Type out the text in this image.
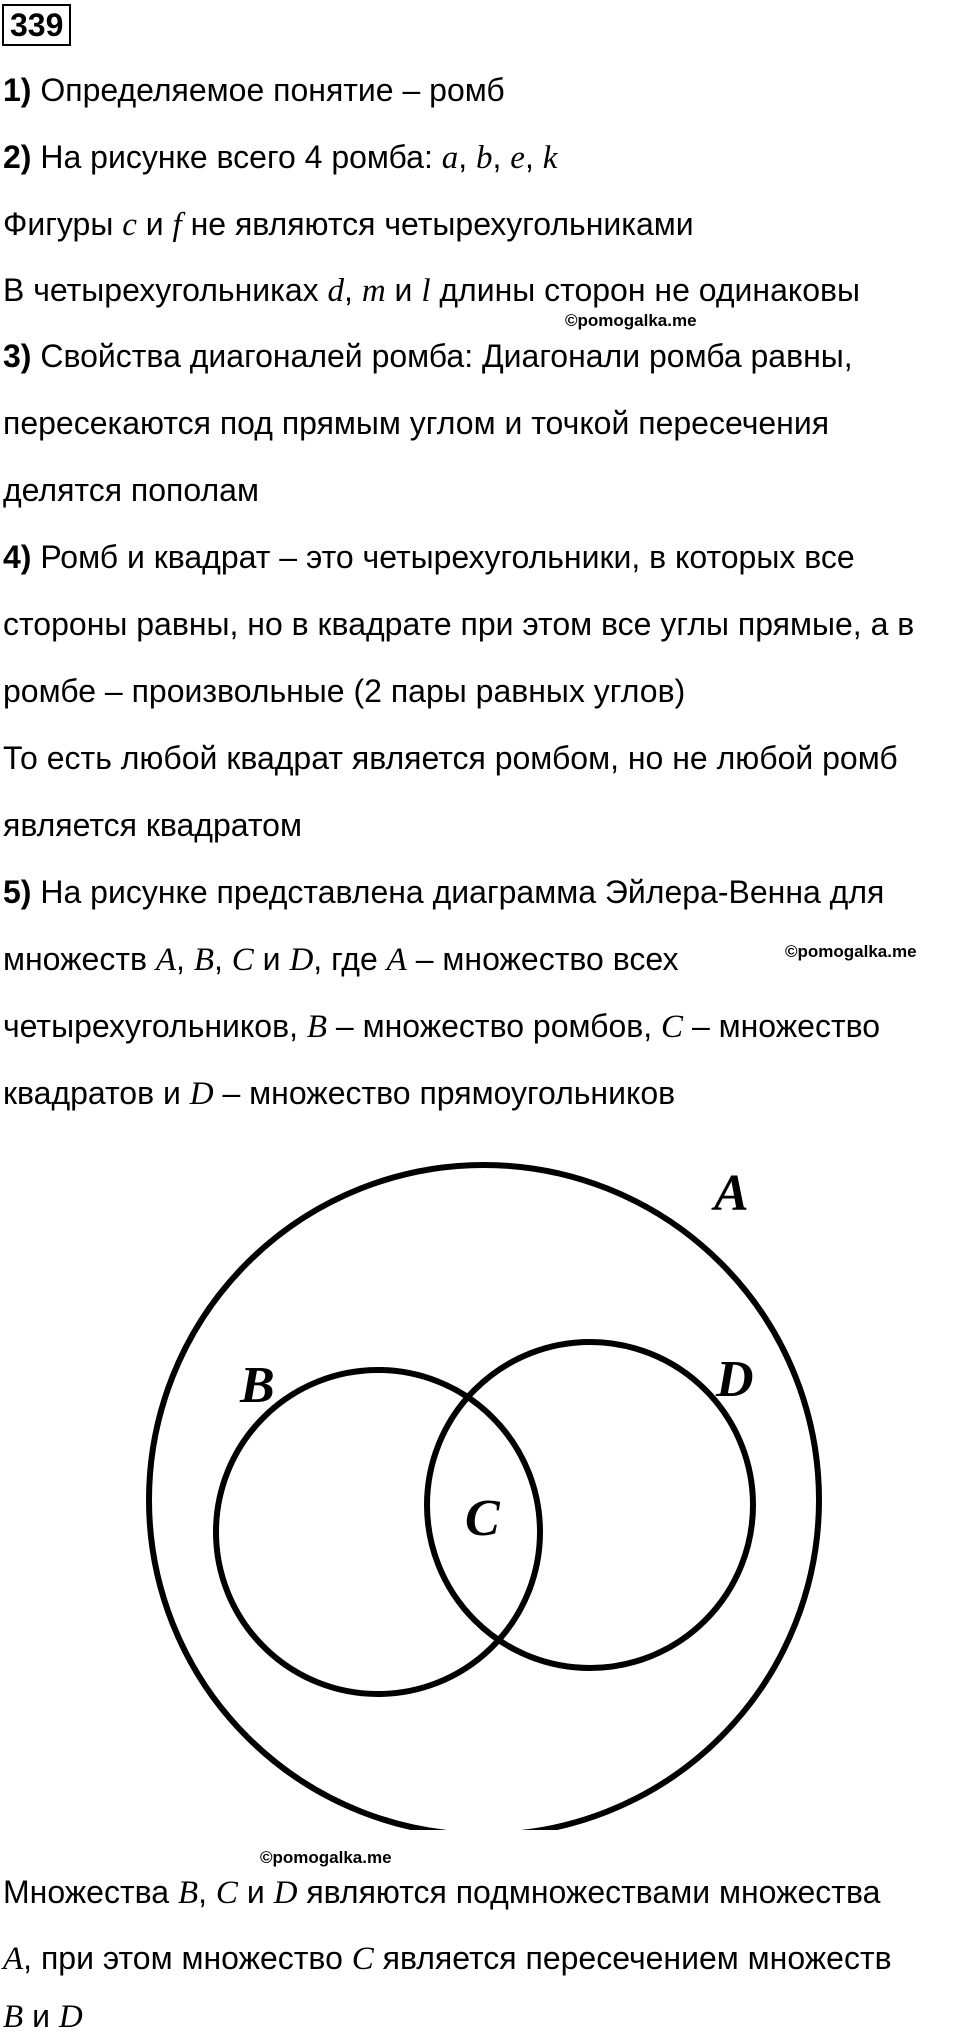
339
1) Определяемое понятие – ромб
2) На рисунке всего 4 ромба: a, b, e, k
Фигуры c и f не являются четырехугольниками
В четырехугольниках d, m и l длины сторон не одинаковы
©pomogalka.me
3) Свойства диагоналей ромба: Диагонали ромба равны,
пересекаются под прямым углом и точкой пересечения
делятся пополам
4) Ромб и квадрат – это четырехугольники, в которых все
стороны равны, но в квадрате при этом все углы прямые, а в
ромбе – произвольные (2 пары равных углов)
То есть любой квадрат является ромбом, но не любой ромб
является квадратом
5) На рисунке представлена диаграмма Эйлера-Венна для
множеств A, B, C и D, где A – множество всех	©pomogalka.me
четырехугольников, B – множество ромбов, C – множество
квадратов и D – множество прямоугольников
A
B
C
D
©pomogalka.me
Множества B, C и D являются подмножествами множества
A, при этом множество C является пересечением множеств
B и D
